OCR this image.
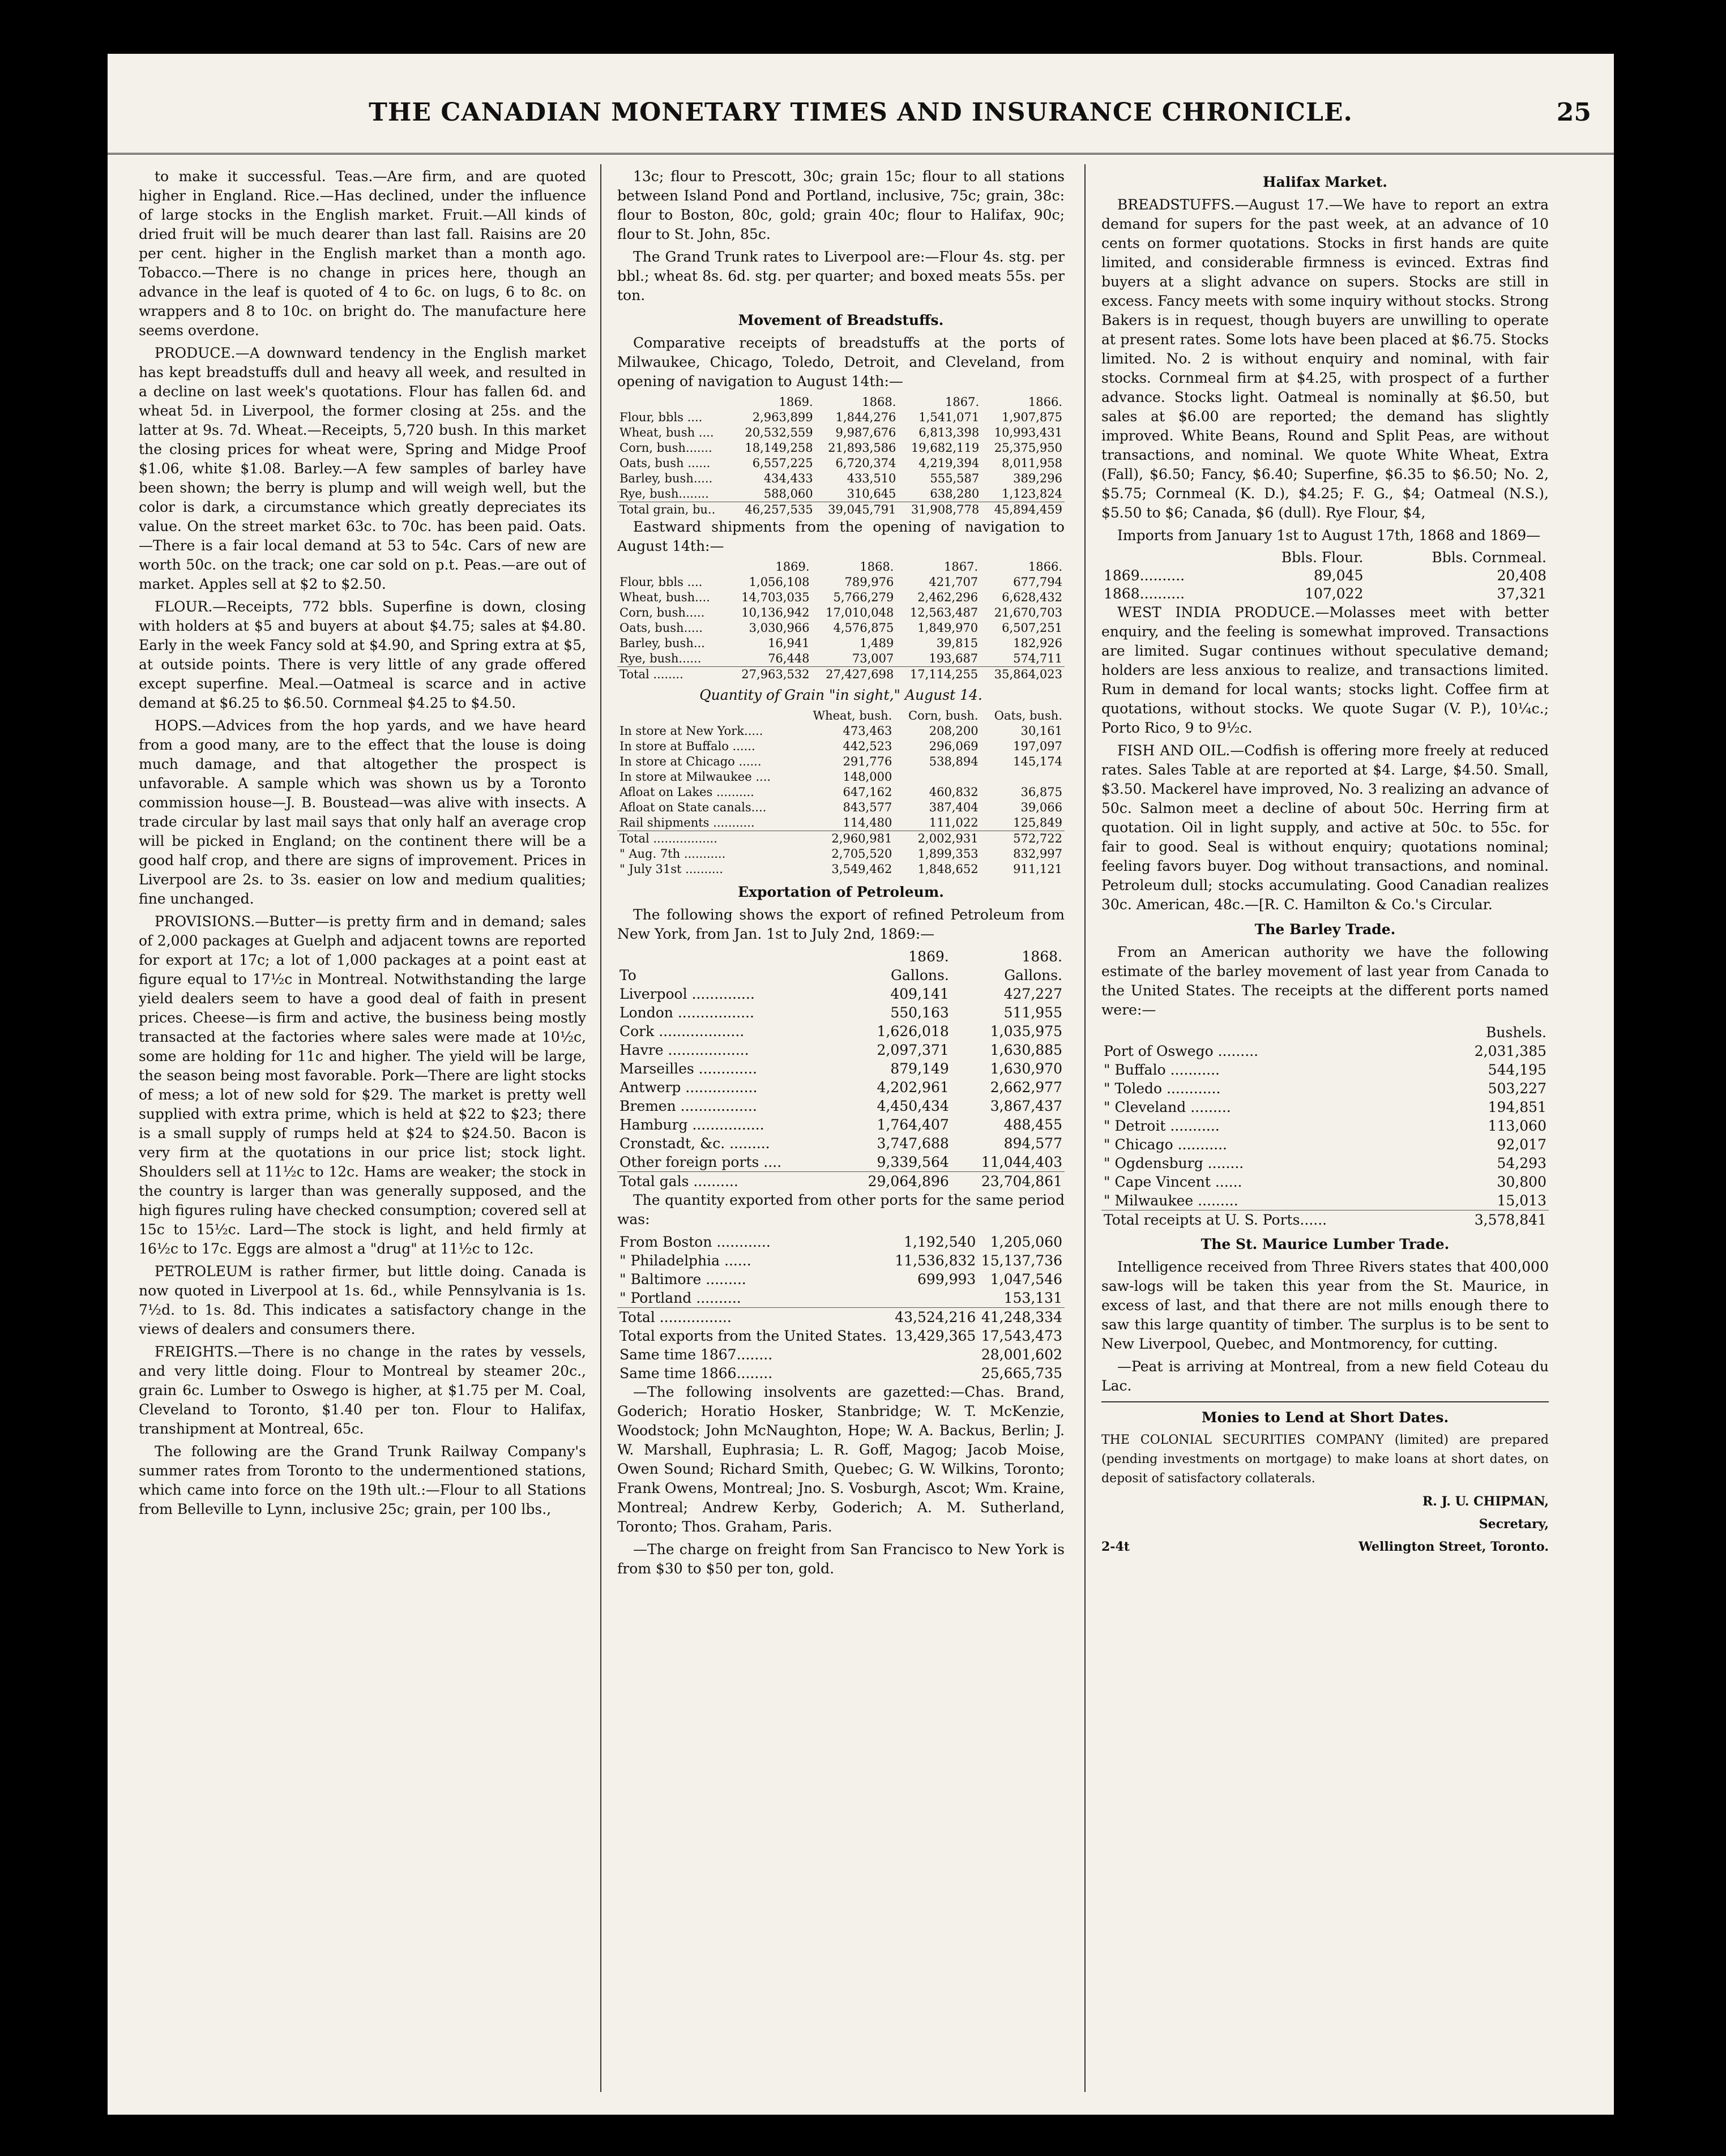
THE CANADIAN MONETARY TIMES AND INSURANCE CHRONICLE.	25

to make it successful. Teas.—Are firm, and are quoted higher in England. Rice.—Has declined, under the influence of large stocks in the English market. Fruit.—All kinds of dried fruit will be much dearer than last fall. Raisins are 20 per cent. higher in the English market than a month ago. Tobacco.—There is no change in prices here, though an advance in the leaf is quoted of 4 to 6c. on lugs, 6 to 8c. on wrappers and 8 to 10c. on bright do. The manufacture here seems overdone.

PRODUCE.—A downward tendency in the English market has kept breadstuffs dull and heavy all week, and resulted in a decline on last week's quotations. Flour has fallen 6d. and wheat 5d. in Liverpool, the former closing at 25s. and the latter at 9s. 7d. Wheat.—Receipts, 5,720 bush. In this market the closing prices for wheat were, Spring and Midge Proof $1.06, white $1.08. Barley.—A few samples of barley have been shown; the berry is plump and will weigh well, but the color is dark, a circumstance which greatly depreciates its value. On the street market 63c. to 70c. has been paid. Oats.—There is a fair local demand at 53 to 54c. Cars of new are worth 50c. on the track; one car sold on p.t. Peas.—are out of market. Apples sell at $2 to $2.50.

FLOUR.—Receipts, 772 bbls. Superfine is down, closing with holders at $5 and buyers at about $4.75; sales at $4.80. Early in the week Fancy sold at $4.90, and Spring extra at $5, at outside points. There is very little of any grade offered except superfine. Meal.—Oatmeal is scarce and in active demand at $6.25 to $6.50. Cornmeal $4.25 to $4.50.

HOPS.—Advices from the hop yards, and we have heard from a good many, are to the effect that the louse is doing much damage, and that altogether the prospect is unfavorable. A sample which was shown us by a Toronto commission house—J. B. Boustead—was alive with insects. A trade circular by last mail says that only half an average crop will be picked in England; on the continent there will be a good half crop, and there are signs of improvement. Prices in Liverpool are 2s. to 3s. easier on low and medium qualities; fine unchanged.

PROVISIONS.—Butter—is pretty firm and in demand; sales of 2,000 packages at Guelph and adjacent towns are reported for export at 17c; a lot of 1,000 packages at a point east at figure equal to 17½c in Montreal. Notwithstanding the large yield dealers seem to have a good deal of faith in present prices. Cheese—is firm and active, the business being mostly transacted at the factories where sales were made at 10½c, some are holding for 11c and higher. The yield will be large, the season being most favorable. Pork—There are light stocks of mess; a lot of new sold for $29. The market is pretty well supplied with extra prime, which is held at $22 to $23; there is a small supply of rumps held at $24 to $24.50. Bacon is very firm at the quotations in our price list; stock light. Shoulders sell at 11½c to 12c. Hams are weaker; the stock in the country is larger than was generally supposed, and the high figures ruling have checked consumption; covered sell at 15c to 15½c. Lard—The stock is light, and held firmly at 16½c to 17c. Eggs are almost a "drug" at 11½c to 12c.

PETROLEUM is rather firmer, but little doing. Canada is now quoted in Liverpool at 1s. 6d., while Pennsylvania is 1s. 7½d. to 1s. 8d. This indicates a satisfactory change in the views of dealers and consumers there.

FREIGHTS.—There is no change in the rates by vessels, and very little doing. Flour to Montreal by steamer 20c., grain 6c. Lumber to Oswego is higher, at $1.75 per M. Coal, Cleveland to Toronto, $1.40 per ton. Flour to Halifax, transhipment at Montreal, 65c.

The following are the Grand Trunk Railway Company's summer rates from Toronto to the undermentioned stations, which came into force on the 19th ult.:—Flour to all Stations from Belleville to Lynn, inclusive 25c; grain, per 100 lbs.,

13c; flour to Prescott, 30c; grain 15c; flour to all stations between Island Pond and Portland, inclusive, 75c; grain, 38c: flour to Boston, 80c, gold; grain 40c; flour to Halifax, 90c; flour to St. John, 85c.

The Grand Trunk rates to Liverpool are:—Flour 4s. stg. per bbl.; wheat 8s. 6d. stg. per quarter; and boxed meats 55s. per ton.

Movement of Breadstuffs.

Comparative receipts of breadstuffs at the ports of Milwaukee, Chicago, Toledo, Detroit, and Cleveland, from opening of navigation to August 14th:—

	1869.	1868.	1867.	1866.
Flour, bbls ....	2,963,899	1,844,276	1,541,071	1,907,875
Wheat, bush ....	20,532,559	9,987,676	6,813,398	10,993,431
Corn, bush.......	18,149,258	21,893,586	19,682,119	25,375,950
Oats, bush ......	6,557,225	6,720,374	4,219,394	8,011,958
Barley, bush.....	434,433	433,510	555,587	389,296
Rye, bush........	588,060	310,645	638,280	1,123,824
Total grain, bu..	46,257,535	39,045,791	31,908,778	45,894,459

Eastward shipments from the opening of navigation to August 14th:—

	1869.	1868.	1867.	1866.
Flour, bbls ....	1,056,108	789,976	421,707	677,794
Wheat, bush....	14,703,035	5,766,279	2,462,296	6,628,432
Corn, bush.....	10,136,942	17,010,048	12,563,487	21,670,703
Oats, bush.....	3,030,966	4,576,875	1,849,970	6,507,251
Barley, bush...	16,941	1,489	39,815	182,926
Rye, bush......	76,448	73,007	193,687	574,711
Total ........	27,963,532	27,427,698	17,114,255	35,864,023
Quantity of Grain "in sight," August 14.
	Wheat, bush.	Corn, bush.	Oats, bush.
In store at New York.....	473,463	208,200	30,161
In store at Buffalo ......	442,523	296,069	197,097
In store at Chicago ......	291,776	538,894	145,174
In store at Milwaukee ....	148,000		
Afloat on Lakes ..........	647,162	460,832	36,875
Afloat on State canals....	843,577	387,404	39,066
Rail shipments ...........	114,480	111,022	125,849
Total .................	2,960,981	2,002,931	572,722
" Aug. 7th ...........	2,705,520	1,899,353	832,997
" July 31st ..........	3,549,462	1,848,652	911,121
Exportation of Petroleum.

The following shows the export of refined Petroleum from New York, from Jan. 1st to July 2nd, 1869:—

	1869.	1868.
To	Gallons.	Gallons.
Liverpool ..............	409,141	427,227
London .................	550,163	511,955
Cork ...................	1,626,018	1,035,975
Havre ..................	2,097,371	1,630,885
Marseilles .............	879,149	1,630,970
Antwerp ................	4,202,961	2,662,977
Bremen .................	4,450,434	3,867,437
Hamburg ................	1,764,407	488,455
Cronstadt, &c. .........	3,747,688	894,577
Other foreign ports ....	9,339,564	11,044,403
Total gals ..........	29,064,896	23,704,861

The quantity exported from other ports for the same period was:

From Boston ............	1,192,540	1,205,060
" Philadelphia ......	11,536,832	15,137,736
" Baltimore .........	699,993	1,047,546
" Portland ..........		153,131
Total ................	43,524,216	41,248,334
Total exports from the United States.	13,429,365	17,543,473
Same time 1867........		28,001,602
Same time 1866........		25,665,735

—The following insolvents are gazetted:—Chas. Brand, Goderich; Horatio Hosker, Stanbridge; W. T. McKenzie, Woodstock; John McNaughton, Hope; W. A. Backus, Berlin; J. W. Marshall, Euphrasia; L. R. Goff, Magog; Jacob Moise, Owen Sound; Richard Smith, Quebec; G. W. Wilkins, Toronto; Frank Owens, Montreal; Jno. S. Vosburgh, Ascot; Wm. Kraine, Montreal; Andrew Kerby, Goderich; A. M. Sutherland, Toronto; Thos. Graham, Paris.

—The charge on freight from San Francisco to New York is from $30 to $50 per ton, gold.

Halifax Market.

BREADSTUFFS.—August 17.—We have to report an extra demand for supers for the past week, at an advance of 10 cents on former quotations. Stocks in first hands are quite limited, and considerable firmness is evinced. Extras find buyers at a slight advance on supers. Stocks are still in excess. Fancy meets with some inquiry without stocks. Strong Bakers is in request, though buyers are unwilling to operate at present rates. Some lots have been placed at $6.75. Stocks limited. No. 2 is without enquiry and nominal, with fair stocks. Cornmeal firm at $4.25, with prospect of a further advance. Stocks light. Oatmeal is nominally at $6.50, but sales at $6.00 are reported; the demand has slightly improved. White Beans, Round and Split Peas, are without transactions, and nominal. We quote White Wheat, Extra (Fall), $6.50; Fancy, $6.40; Superfine, $6.35 to $6.50; No. 2, $5.75; Cornmeal (K. D.), $4.25; F. G., $4; Oatmeal (N.S.), $5.50 to $6; Canada, $6 (dull). Rye Flour, $4,

Imports from January 1st to August 17th, 1868 and 1869—

	Bbls. Flour.	Bbls. Cornmeal.
1869..........	89,045	20,408
1868..........	107,022	37,321

WEST INDIA PRODUCE.—Molasses meet with better enquiry, and the feeling is somewhat improved. Transactions are limited. Sugar continues without speculative demand; holders are less anxious to realize, and transactions limited. Rum in demand for local wants; stocks light. Coffee firm at quotations, without stocks. We quote Sugar (V. P.), 10¼c.; Porto Rico, 9 to 9½c.

FISH AND OIL.—Codfish is offering more freely at reduced rates. Sales Table at are reported at $4. Large, $4.50. Small, $3.50. Mackerel have improved, No. 3 realizing an advance of 50c. Salmon meet a decline of about 50c. Herring firm at quotation. Oil in light supply, and active at 50c. to 55c. for fair to good. Seal is without enquiry; quotations nominal; feeling favors buyer. Dog without transactions, and nominal. Petroleum dull; stocks accumulating. Good Canadian realizes 30c. American, 48c.—[R. C. Hamilton & Co.'s Circular.

The Barley Trade.

From an American authority we have the following estimate of the barley movement of last year from Canada to the United States. The receipts at the different ports named were:—

	Bushels.
Port of Oswego .........	2,031,385
" Buffalo ...........	544,195
" Toledo ............	503,227
" Cleveland .........	194,851
" Detroit ...........	113,060
" Chicago ...........	92,017
" Ogdensburg ........	54,293
" Cape Vincent ......	30,800
" Milwaukee .........	15,013
Total receipts at U. S. Ports......	3,578,841
The St. Maurice Lumber Trade.

Intelligence received from Three Rivers states that 400,000 saw-logs will be taken this year from the St. Maurice, in excess of last, and that there are not mills enough there to saw this large quantity of timber. The surplus is to be sent to New Liverpool, Quebec, and Montmorency, for cutting.

—Peat is arriving at Montreal, from a new field Coteau du Lac.

Monies to Lend at Short Dates.

THE COLONIAL SECURITIES COMPANY (limited) are prepared (pending investments on mortgage) to make loans at short dates, on deposit of satisfactory collaterals.

R. J. U. CHIPMAN,

Secretary,

2-4t	Wellington Street, Toronto.
